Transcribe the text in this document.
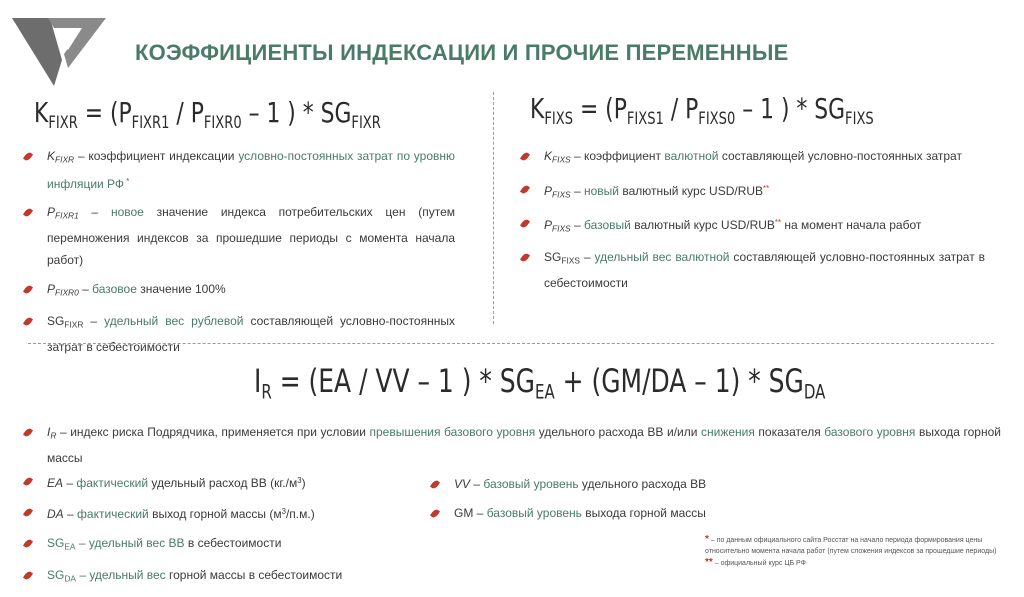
КОЭФФИЦИЕНТЫ ИНДЕКСАЦИИ И ПРОЧИЕ ПЕРЕМЕННЫЕ
$K_{FIXR} = (P_{FIXR1} / P_{FIXR0} - 1$ ) * $SG_{FIXR}$	$K_{FIXS} = (P_{FIXS1} / P_{FIXS0} - 1$ ) * $SG_{FIXS}$
$K_{FIXR}$ – коэффициент индексации условно-постоянных затрат по уровню инфляции РФ *
$P_{FIXR1}$ – новое значение индекса потребительских цен (путем перемножения индексов за прошедшие периоды с момента начала работ)
$P_{FIXR0}$ – базовое значение 100%
$SG_{FIXR}$ – удельный вес рублевой составляющей условно-постоянных затрат в себестоимости
$K_{FIXS}$ – коэффициент валютной составляющей условно-постоянных затрат
$P_{FIXS}$ – новый валютный курс USD/RUB**
$P_{FIXS}$ – базовый валютный курс USD/RUB** на момент начала работ
$SG_{FIXS}$ – удельный вес валютной составляющей условно-постоянных затрат в себестоимости
$I_R = (EA$ / VV – 1 ) * $SG_{EA} + (GM/DA - 1) * SG_{DA}$
$I_R$ – индекс риска Подрядчика, применяется при условии превышения базового уровня удельного расхода ВВ и/или снижения показателя базового уровня выхода горной массы
EA – фактический удельный расход ВВ $(кг./м^3)$
DA – фактический выход горной массы $(м^3/п.м.)$
$SG_{EA}$ – удельный вес ВВ в себестоимости
$SG_{DA}$ – удельный вес горной массы в себестоимости
VV – базовый уровень удельного расхода ВВ
GM – базовый уровень выхода горной массы
* – по данным официального сайта Росстат на начало периода формирования цены относительно момента начала работ (путем сложения индексов за прошедшие периоды)
** – официальный курс ЦБ РФ
